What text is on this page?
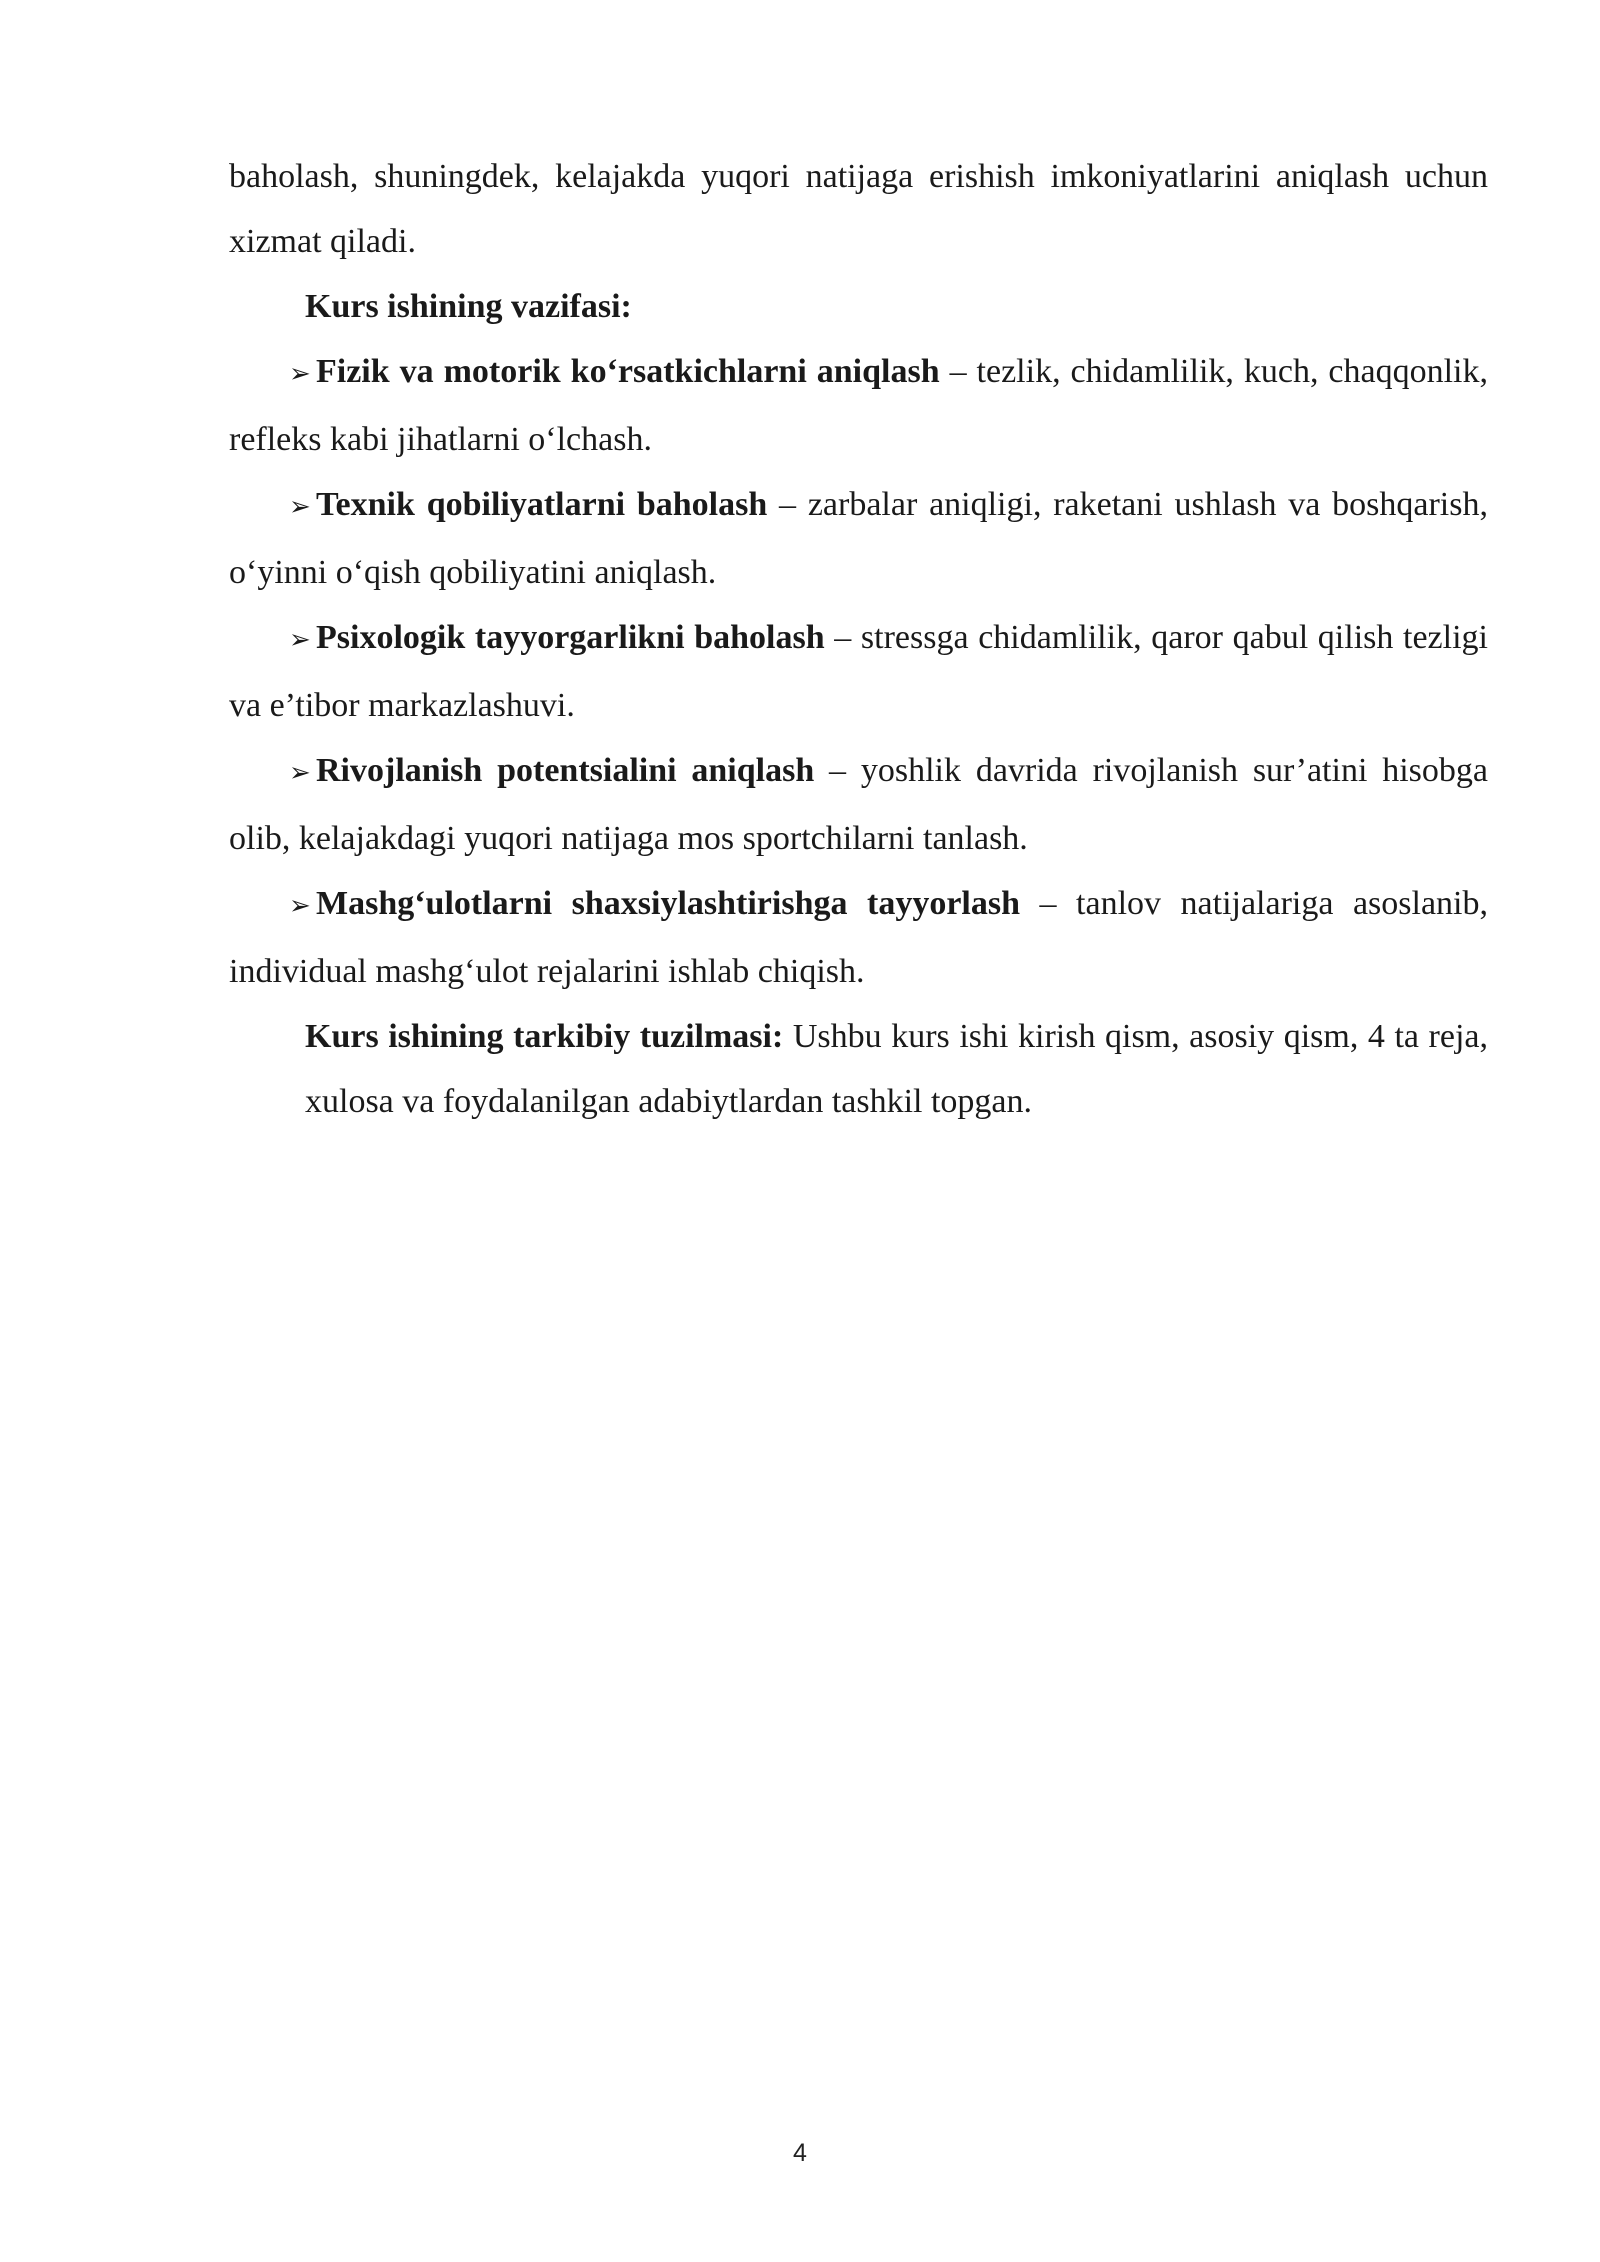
baholash, shuningdek, kelajakda yuqori natijaga erishish imkoniyatlarini aniqlash uchun xizmat qiladi.

Kurs ishining vazifasi:

➢ Fizik va motorik ko‘rsatkichlarni aniqlash – tezlik, chidamlilik, kuch, chaqqonlik, refleks kabi jihatlarni o‘lchash.

➢ Texnik qobiliyatlarni baholash – zarbalar aniqligi, raketani ushlash va boshqarish, o‘yinni o‘qish qobiliyatini aniqlash.

➢ Psixologik tayyorgarlikni baholash – stressga chidamlilik, qaror qabul qilish tezligi va e’tibor markazlashuvi.

➢ Rivojlanish potentsialini aniqlash – yoshlik davrida rivojlanish sur’atini hisobga olib, kelajakdagi yuqori natijaga mos sportchilarni tanlash.

➢ Mashg‘ulotlarni shaxsiylashtirishga tayyorlash – tanlov natijalariga asoslanib, individual mashg‘ulot rejalarini ishlab chiqish.

Kurs ishining tarkibiy tuzilmasi: Ushbu kurs ishi kirish qism, asosiy qism, 4 ta reja, xulosa va foydalanilgan adabiytlardan tashkil topgan.

4
